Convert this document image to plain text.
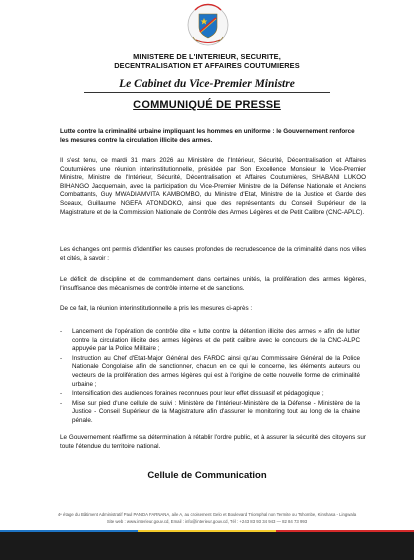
MINISTERE DE L'INTERIEUR, SECURITE,
DECENTRALISATION ET AFFAIRES COUTUMIERES
Le Cabinet du Vice-Premier Ministre
COMMUNIQUÉ DE PRESSE
Lutte contre la criminalité urbaine impliquant les hommes en uniforme : le Gouvernement renforce
les mesures contre la circulation illicite des armes.
Il s'est tenu, ce mardi 31 mars 2026 au Ministère de l'Intérieur, Sécurité, Décentralisation et Affaires Coutumières une réunion interinstitutionnelle, présidée par Son Excellence Monsieur le Vice-Premier Ministre, Ministre de l'Intérieur, Sécurité, Décentralisation et Affaires Coutumières, SHABANI LUKOO BIHANGO Jacquemain, avec la participation du Vice-Premier Ministre de la Défense Nationale et Anciens Combattants, Guy MWADIAMVITA KAMBOMBO, du Ministre d'Etat, Ministre de la Justice et Garde des Sceaux, Guillaume NGEFA ATONDOKO, ainsi que des représentants du Conseil Supérieur de la Magistrature et de la Commission Nationale de Contrôle des Armes Légères et de Petit Calibre (CNC-APLC).
Les échanges ont permis d'identifier les causes profondes de recrudescence de la criminalité dans nos villes et cités, à savoir :
Le déficit de discipline et de commandement dans certaines unités, la prolifération des armes légères, l'insuffisance des mécanismes de contrôle interne et de sanctions.
De ce fait, la réunion interinstitutionnelle a pris les mesures ci-après :
- Lancement de l'opération de contrôle dite « lutte contre la détention illicite des armes » afin de lutter contre la circulation illicite des armes légères et de petit calibre avec le concours de la CNC-ALPC appuyée par la Police Militaire ;
- Instruction au Chef d'Etat-Major Général des FARDC ainsi qu'au Commissaire Général de la Police Nationale Congolaise afin de sanctionner, chacun en ce qui le concerne, les éléments auteurs ou vecteurs de la prolifération des armes légères qui est à l'origine de cette nouvelle forme de criminalité urbaine ;
- Intensification des audiences foraines reconnues pour leur effet dissuasif et pédagogique ;
- Mise sur pied d'une cellule de suivi : Ministère de l'Intérieur-Ministère de la Défense - Ministère de la Justice - Conseil Supérieur de la Magistrature afin d'assurer le monitoring tout au long de la chaine pénale.
Le Gouvernement réaffirme sa détermination à rétablir l'ordre public, et à assurer la sécurité des citoyens sur toute l'étendue du territoire national.
Cellule de Communication
4ᵉ étage du Bâtiment Administratif Paul PANDA FARNANA, aile A, au croisement Gelo et Boulevard Triomphal non Termite ou Tshombe, Kinshasa - Lingwala
Site web : www.interieur.gouv.cd, Email : info@interieur.gouv.cd, Tél : +243 83 93 34 943 — 82 84 73 993
